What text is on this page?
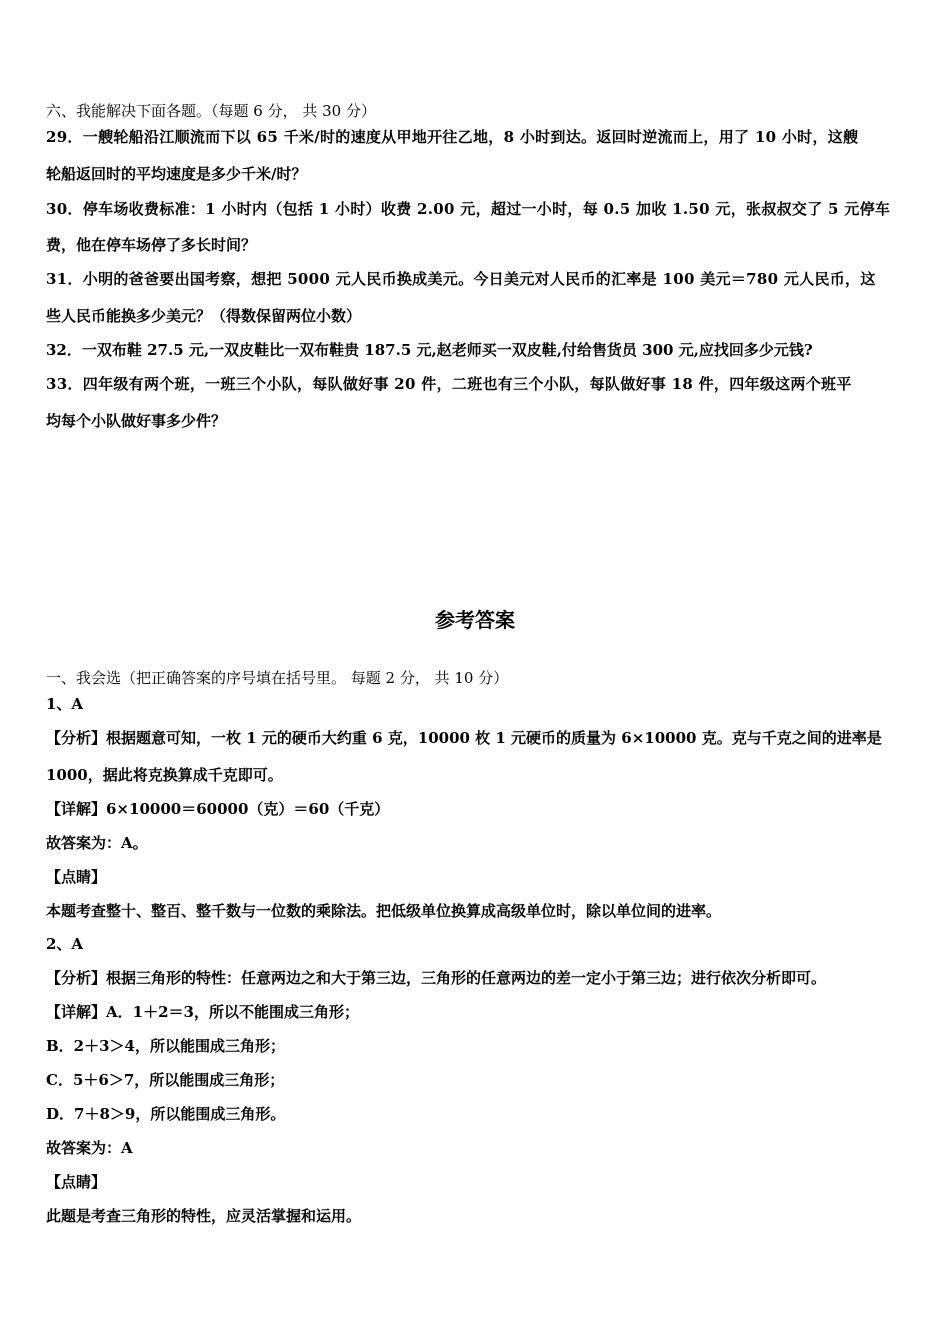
六、我能解决下面各题。（每题 6 分， 共 30 分）
29．一艘轮船沿江顺流而下以 65 千米/时的速度从甲地开往乙地，8 小时到达。返回时逆流而上，用了 10 小时，这艘
轮船返回时的平均速度是多少千米/时？
30．停车场收费标准：1 小时内（包括 1 小时）收费 2.00 元，超过一小时，每 0.5 加收 1.50 元，张叔叔交了 5 元停车
费，他在停车场停了多长时间？
31．小明的爸爸要出国考察，想把 5000 元人民币换成美元。今日美元对人民币的汇率是 100 美元＝780 元人民币，这
些人民币能换多少美元？（得数保留两位小数）
32．一双布鞋 27.5 元,一双皮鞋比一双布鞋贵 187.5 元,赵老师买一双皮鞋,付给售货员 300 元,应找回多少元钱?
33．四年级有两个班，一班三个小队，每队做好事 20 件，二班也有三个小队，每队做好事 18 件，四年级这两个班平
均每个小队做好事多少件？
参考答案
一、我会选（把正确答案的序号填在括号里。 每题 2 分， 共 10 分）
1、A
【分析】根据题意可知，一枚 1 元的硬币大约重 6 克，10000 枚 1 元硬币的质量为 6×10000 克。克与千克之间的进率是
1000，据此将克换算成千克即可。
【详解】6×10000＝60000（克）＝60（千克）
故答案为：A。
【点睛】
本题考查整十、整百、整千数与一位数的乘除法。把低级单位换算成高级单位时，除以单位间的进率。
2、A
【分析】根据三角形的特性：任意两边之和大于第三边，三角形的任意两边的差一定小于第三边；进行依次分析即可。
【详解】A．1＋2＝3，所以不能围成三角形；
B．2＋3＞4，所以能围成三角形；
C．5＋6＞7，所以能围成三角形；
D．7＋8＞9，所以能围成三角形。
故答案为：A
【点睛】
此题是考查三角形的特性，应灵活掌握和运用。
